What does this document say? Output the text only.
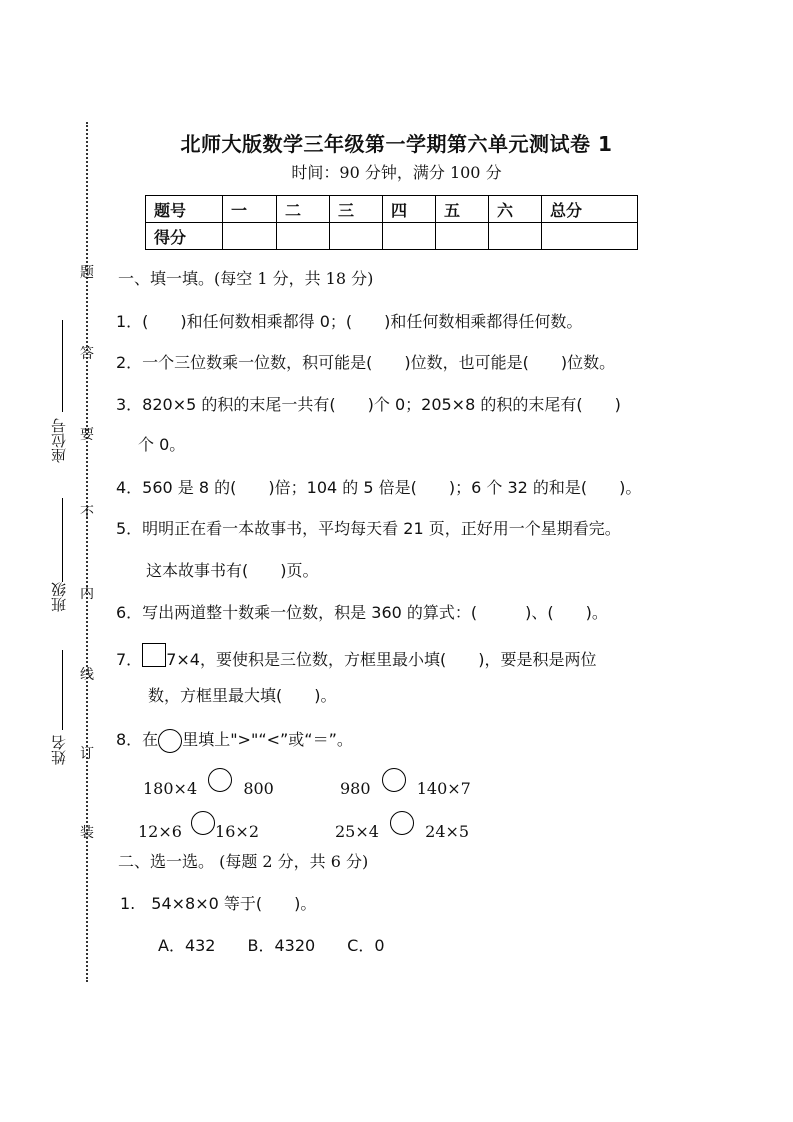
北师大版数学三年级第一学期第六单元测试卷 1
时间：90 分钟，满分 100 分
题号	一	二	三	四	五	六	总分
得分							
题
答
要
不
内
线
订
装
座位号
班级
姓名
一、填一填。(每空 1 分，共 18 分)
1．(　　)和任何数相乘都得 0；(　　)和任何数相乘都得任何数。
2．一个三位数乘一位数，积可能是(　　)位数，也可能是(　　)位数。
3．820×5 的积的末尾一共有(　　)个 0；205×8 的积的末尾有(　　)
个 0。
4．560 是 8 的(　　)倍；104 的 5 倍是(　　)；6 个 32 的和是(　　)。
5．明明正在看一本故事书，平均每天看 21 页，正好用一个星期看完。
这本故事书有(　　)页。
6．写出两道整十数乘一位数，积是 360 的算式：(　　　)、(　　)。
7． 7×4，要使积是三位数，方框里最小填(　　)，要是积是两位
数，方框里最大填(　　)。
8．在 里填上">"“<”或“＝”。
180×4	800	980	140×7
12×6 16×2	25×4	24×5
二、选一选。 (每题 2 分，共 6 分)
1.　54×8×0 等于(　　)。
A．432　　B．4320　　C．0
